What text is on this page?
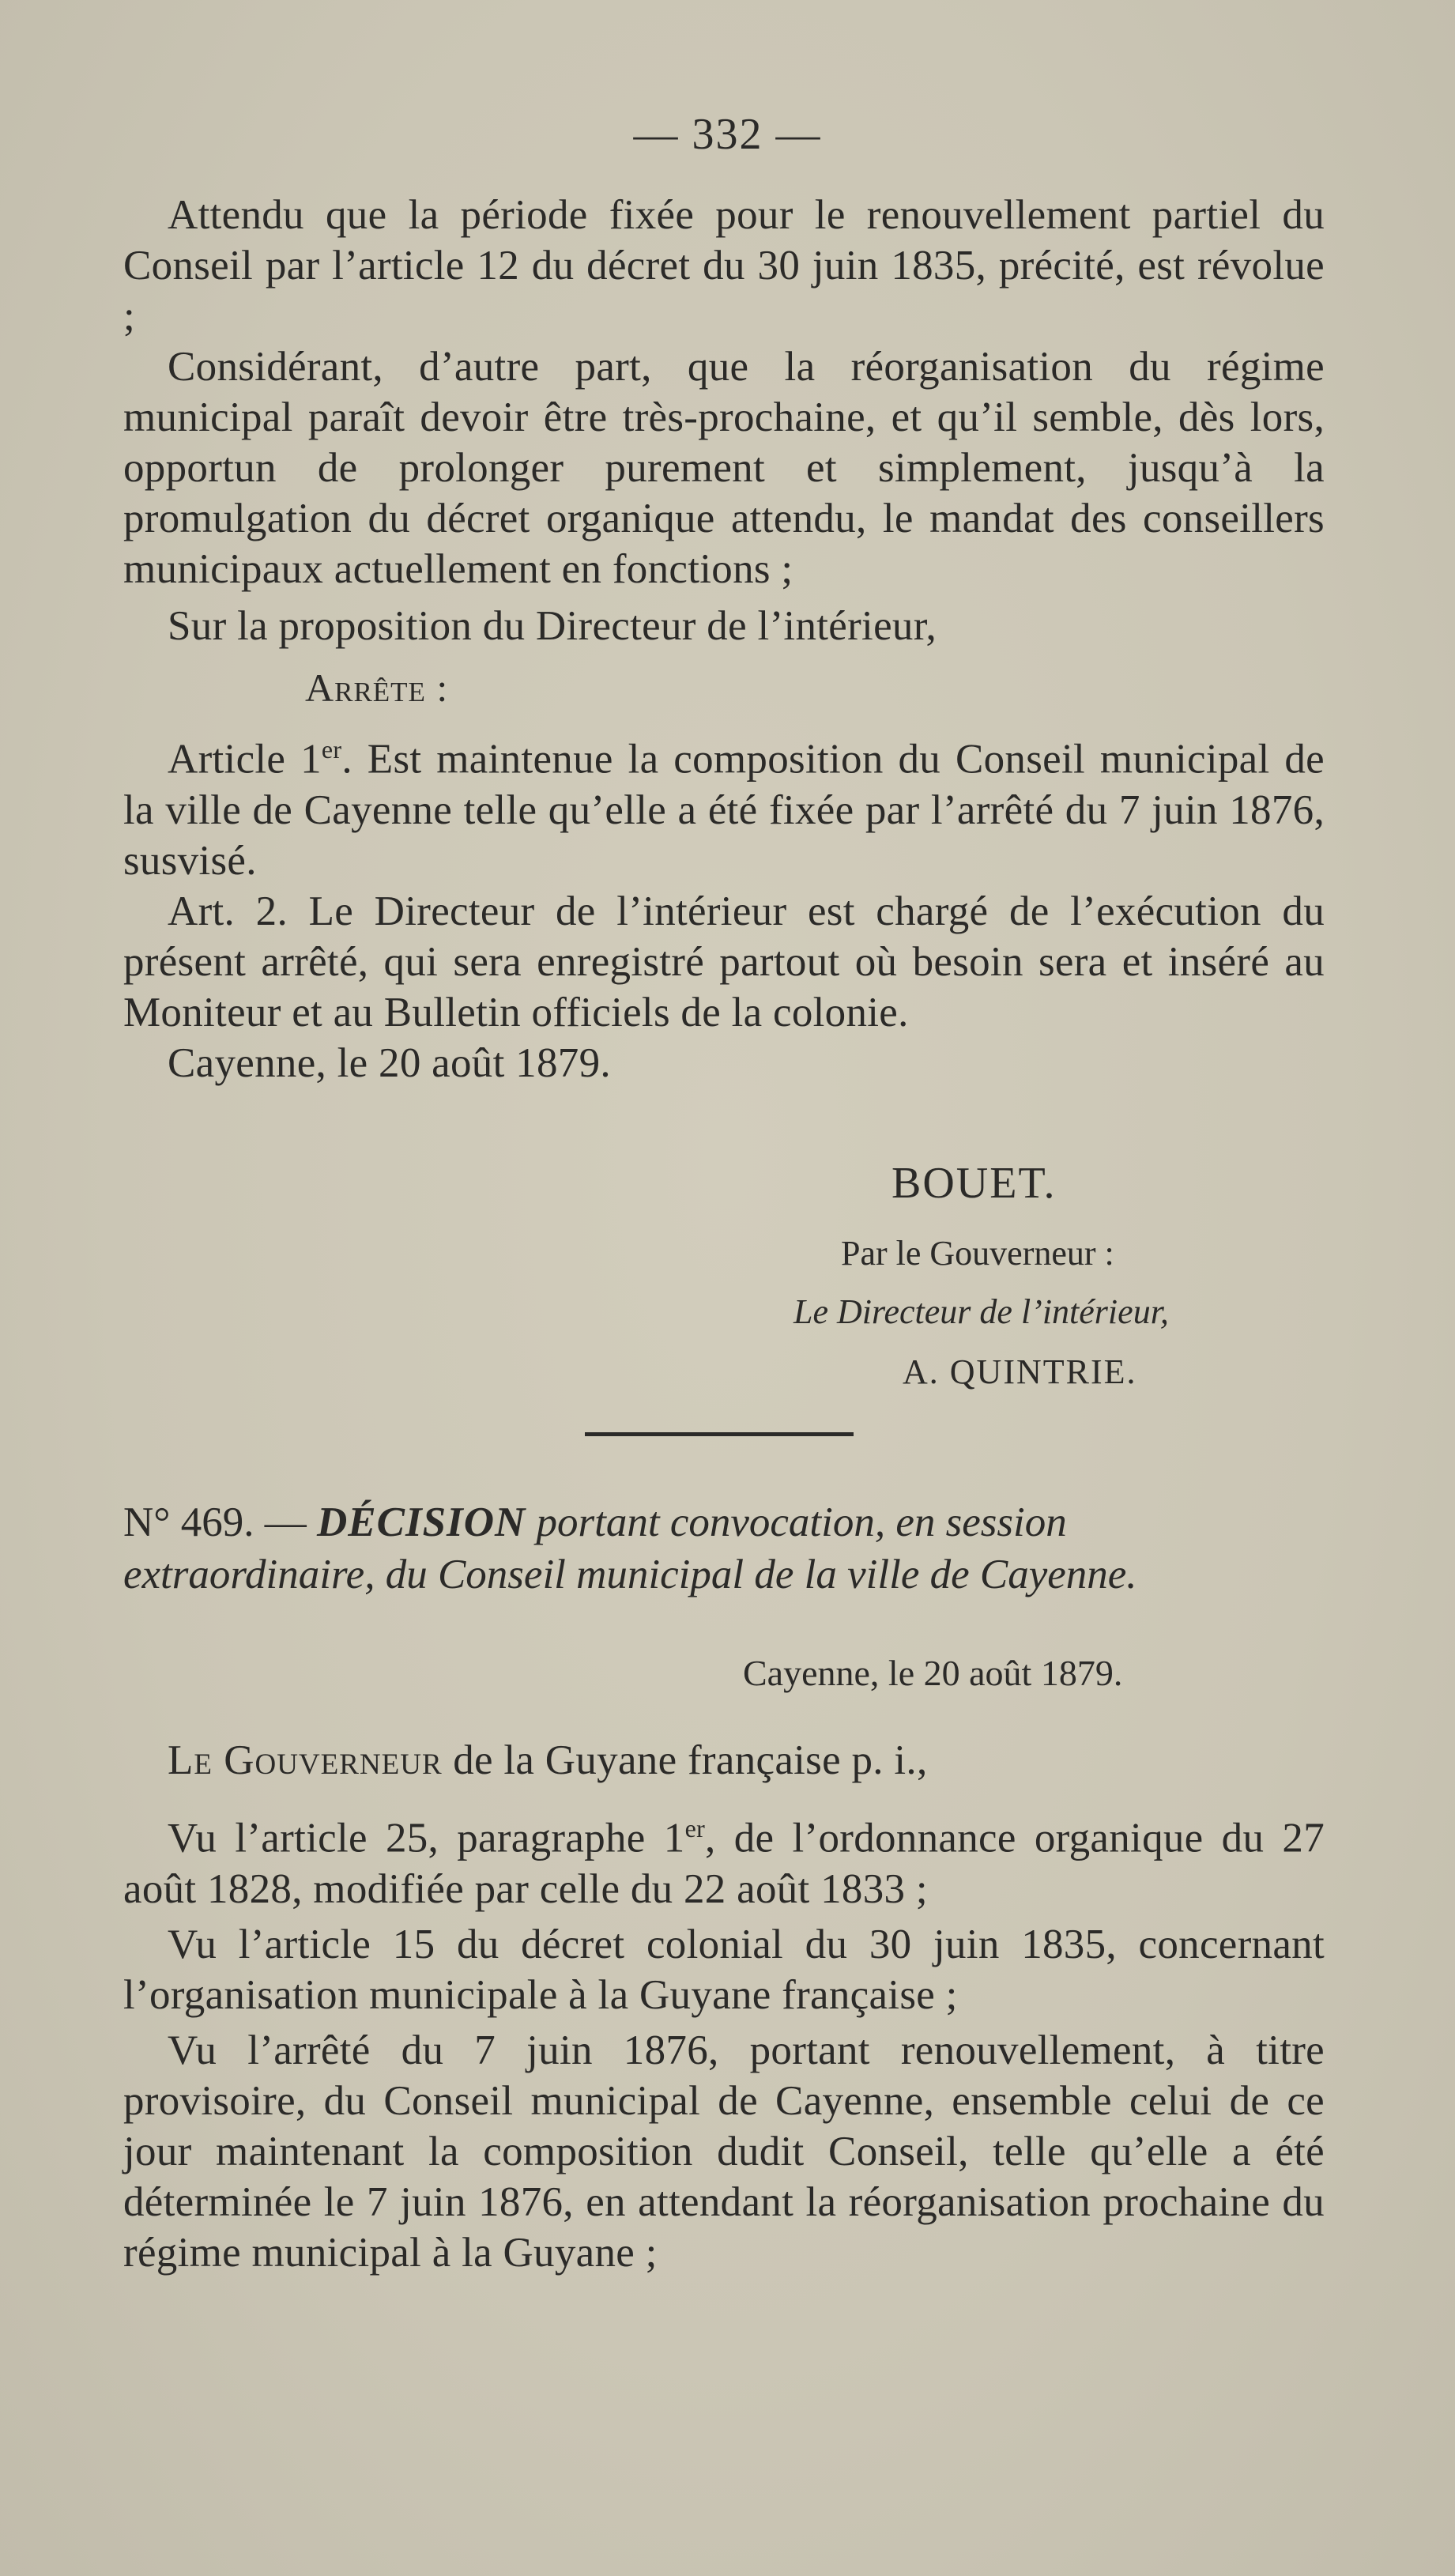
— 332 —

Attendu que la période fixée pour le renouvellement partiel du Conseil par l’article 12 du décret du 30 juin 1835, précité, est révolue ;

Considérant, d’autre part, que la réorganisation du régime municipal paraît devoir être très-prochaine, et qu’il semble, dès lors, opportun de prolonger purement et simplement, jusqu’à la promulgation du décret organique attendu, le mandat des conseillers municipaux actuellement en fonctions ;

Sur la proposition du Directeur de l’intérieur,

Arrête :

Article 1er. Est maintenue la composition du Conseil municipal de la ville de Cayenne telle qu’elle a été fixée par l’arrêté du 7 juin 1876, susvisé.

Art. 2. Le Directeur de l’intérieur est chargé de l’exécution du présent arrêté, qui sera enregistré partout où besoin sera et inséré au Moniteur et au Bulletin officiels de la colonie.

Cayenne, le 20 août 1879.

BOUET.
Par le Gouverneur :
Le Directeur de l’intérieur,
A. QUINTRIE.

N° 469. — DÉCISION portant convocation, en session extraordinaire, du Conseil municipal de la ville de Cayenne.

Cayenne, le 20 août 1879.

Le Gouverneur de la Guyane française p. i.,

Vu l’article 25, paragraphe 1er, de l’ordonnance organique du 27 août 1828, modifiée par celle du 22 août 1833 ;

Vu l’article 15 du décret colonial du 30 juin 1835, concernant l’organisation municipale à la Guyane française ;

Vu l’arrêté du 7 juin 1876, portant renouvellement, à titre provisoire, du Conseil municipal de Cayenne, ensemble celui de ce jour maintenant la composition dudit Conseil, telle qu’elle a été déterminée le 7 juin 1876, en attendant la réorganisation prochaine du régime municipal à la Guyane ;
